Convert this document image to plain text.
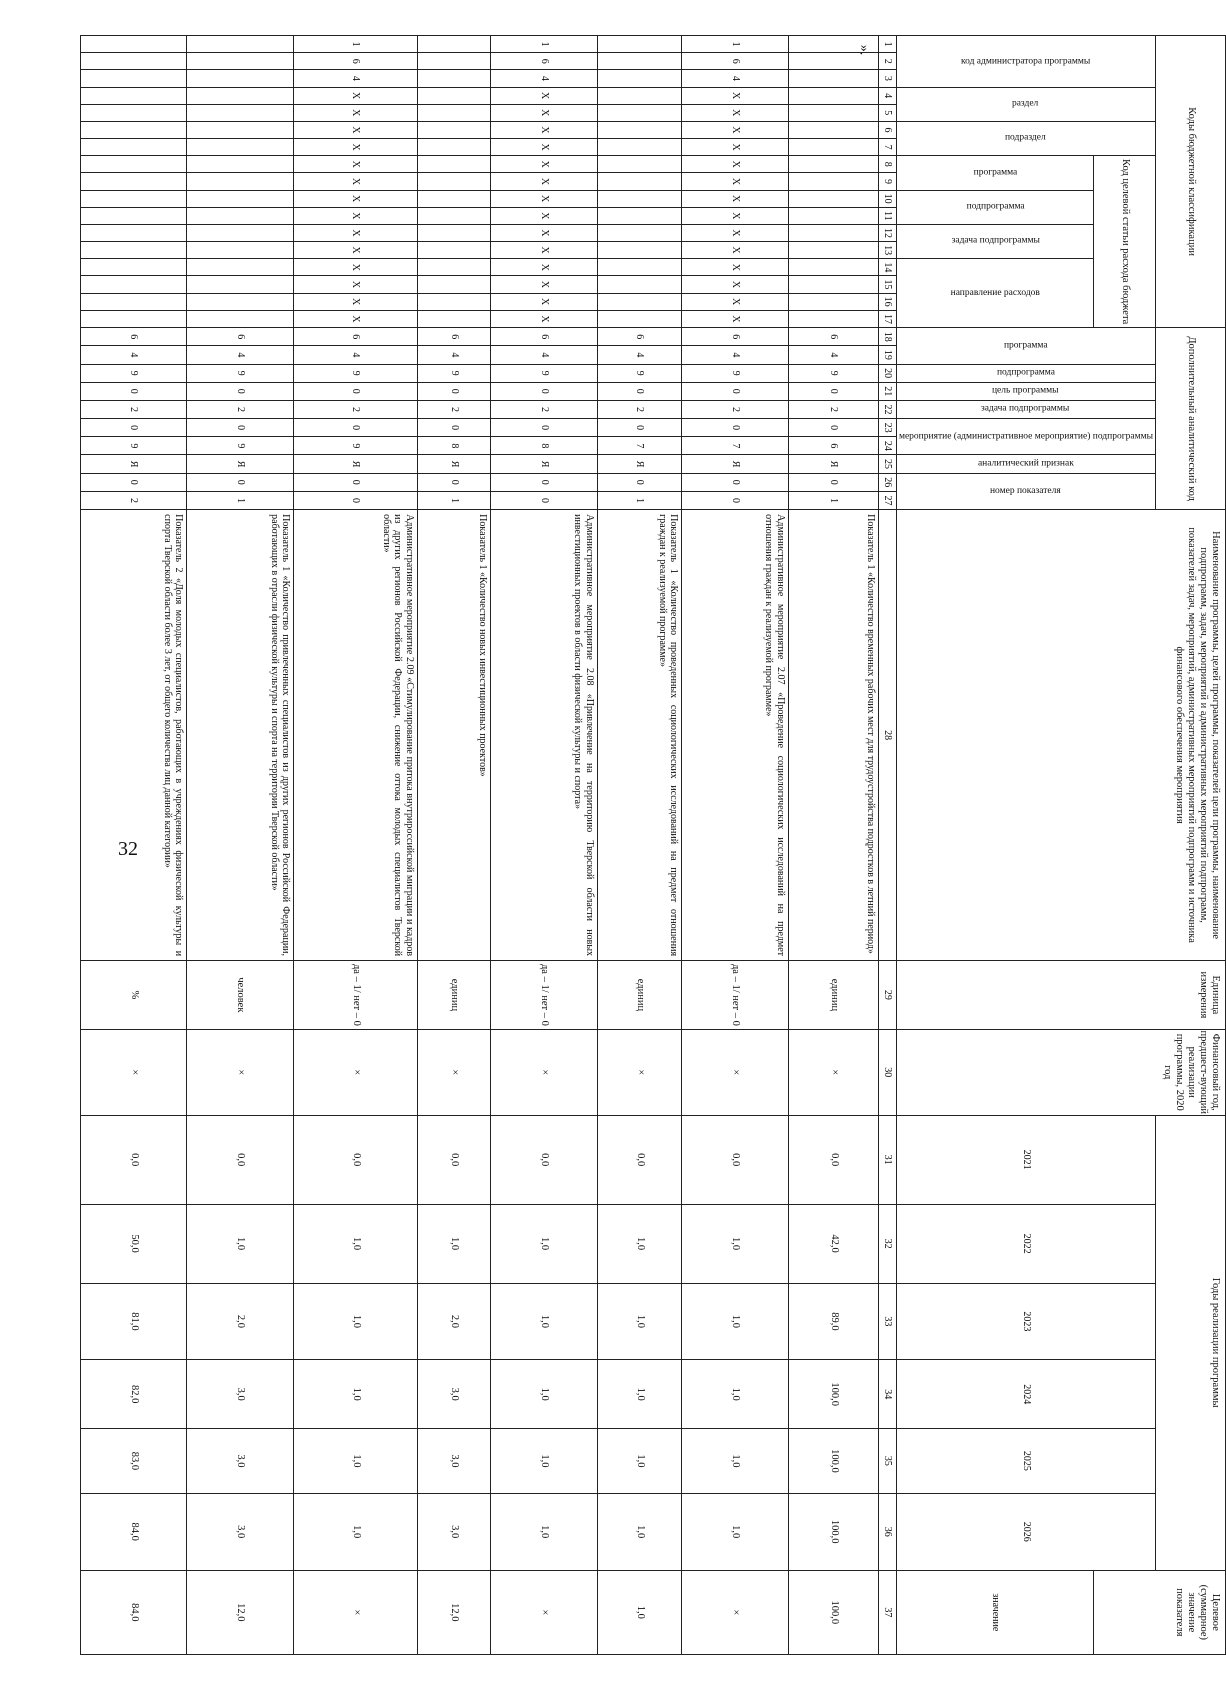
32
».
Коды бюджетной классификации																	Дополнительный аналитический код										Наименование программы, целей программы, показателей цели программы, наименование подпрограмм, задач, мероприятий и административных мероприятий подпрограмм, показателей задач, мероприятий, административных мероприятий подпрограмм и источника финансового обеспечения мероприятия	Единица измерения	Финансовый год, предшест-вующий реализации программы, 2020 год	Годы реализации программы						Целевое (суммарное) значение показателя
код администратора программы			раздел		подраздел		Код целевой статьи расхода бюджета										программа		подпрограмма	цель программы	задача подпрограммы	мероприятие (административное мероприятие) подпрограммы		аналитический признак	номер показателя					2021	2022	2023	2024	2025	2026	
							программа		подпрограмма		задача подпрограммы		направление расходов																							значение
1	2	3	4	5	6	7	8	9	10	11	12	13	14	15	16	17	18	19	20	21	22	23	24	25	26	27	28	29	30	31	32	33	34	35	36	37
																	6	4	9	0	2	0	6	Я	0	1	Показатель 1 «Количество временных рабочих мест для трудоустройства подростков в летний период»	единиц	×	0,0	42,0	89,0	100,0	100,0	100,0	100,0
1	6	4	X	X	X	X	X	X	X	X	X	X	X	X	X	X	6	4	9	0	2	0	7	Я	0	0	Административное мероприятие 2.07 «Проведение социологических исследований на предмет отношения граждан к реализуемой программе»	да – 1/ нет – 0	×	0,0	1,0	1,0	1,0	1,0	1,0	×
																	6	4	9	0	2	0	7	Я	0	1	Показатель 1 «Количество проведенных социологических исследований на предмет отношения граждан к реализуемой программе»	единиц	×	0,0	1,0	1,0	1,0	1,0	1,0	1,0
1	6	4	X	X	X	X	X	X	X	X	X	X	X	X	X	X	6	4	9	0	2	0	8	Я	0	0	Административное мероприятие 2.08 «Привлечение на территорию Тверской области новых инвестиционных проектов в области физической культуры и спорта»	да – 1/ нет – 0	×	0,0	1,0	1,0	1,0	1,0	1,0	×
																	6	4	9	0	2	0	8	Я	0	1	Показатель 1 «Количество новых инвестиционных проектов»	единиц	×	0,0	1,0	2,0	3,0	3,0	3,0	12,0
1	6	4	X	X	X	X	X	X	X	X	X	X	X	X	X	X	6	4	9	0	2	0	9	Я	0	0	Административное мероприятие 2.09 «Стимулирование притока внутрироссийской миграции и кадров из других регионов Российской Федерации, снижение оттока молодых специалистов Тверской области»	да – 1/ нет – 0	×	0,0	1,0	1,0	1,0	1,0	1,0	×
																	6	4	9	0	2	0	9	Я	0	1	Показатель 1 «Количество привлеченных специалистов из других регионов Российской Федерации, работающих в отрасли физической культуры и спорта на территории Тверской области»	человек	×	0,0	1,0	2,0	3,0	3,0	3,0	12,0
																	6	4	9	0	2	0	9	Я	0	2	Показатель 2 «Доля молодых специалистов, работающих в учреждениях физической культуры и спорта Тверской области более 3 лет, от общего количества лиц данной категории»	%	×	0,0	50,0	81,0	82,0	83,0	84,0	84,0
